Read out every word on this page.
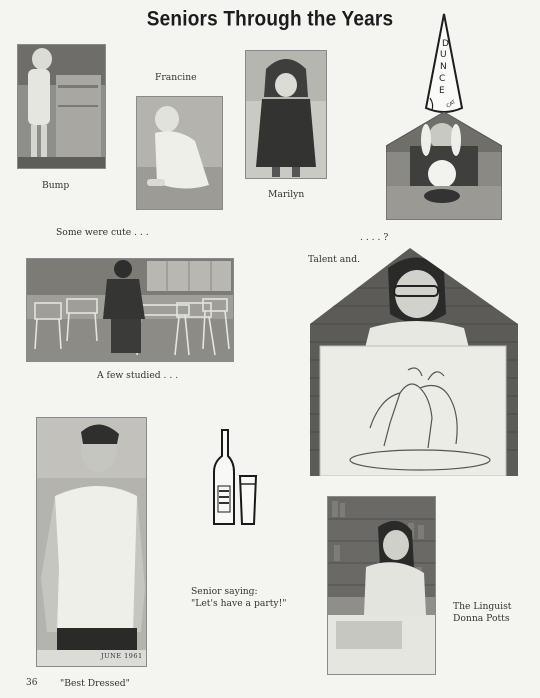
Seniors Through the Years
Bump
Francine
Marilyn
D
U
N
C
E
CAT
Some were cute . . .	. . . . ?
Talent and.
A few studied . . .
JUNE 1961
Senior saying:
"Let's have a party!"	The Linguist
Donna Potts
36 "Best Dressed"
